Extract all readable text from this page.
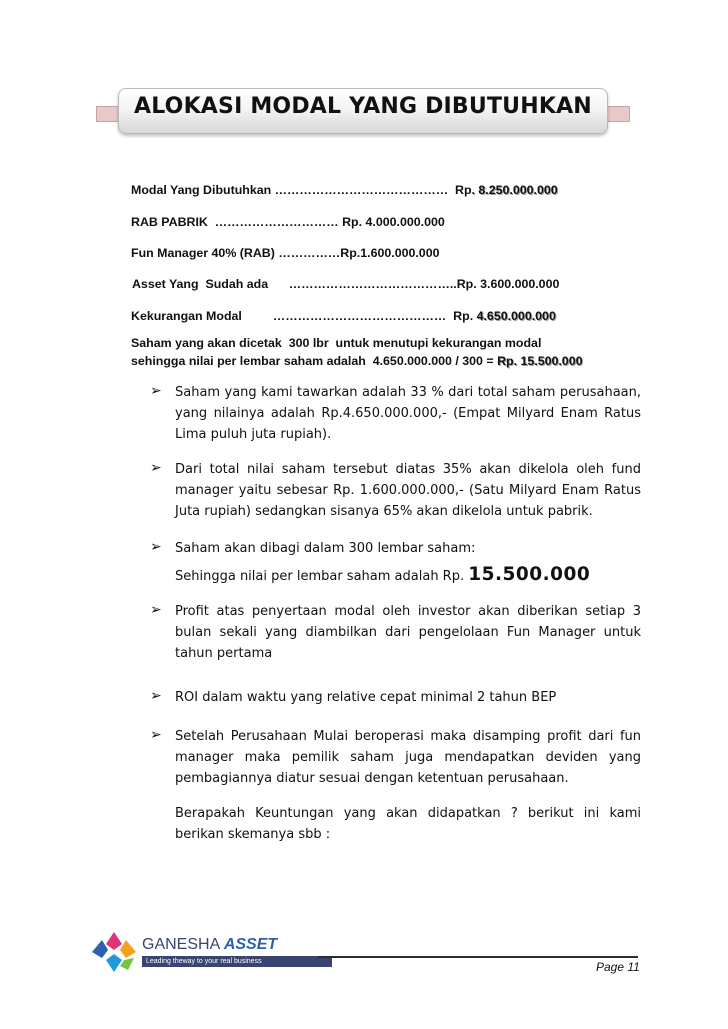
ALOKASI MODAL YANG DIBUTUHKAN
Modal Yang Dibutuhkan ……………………………………  Rp. 8.250.000.000
RAB PABRIK  ………………………… Rp. 4.000.000.000
Fun Manager 40% (RAB) ……………Rp.1.600.000.000
Asset Yang  Sudah ada      …………………………………..Rp. 3.600.000.000
Kekurangan Modal         ……………………………………  Rp. 4.650.000.000
Saham yang akan dicetak  300 lbr  untuk menutupi kekurangan modal
sehingga nilai per lembar saham adalah  4.650.000.000 / 300 = Rp. 15.500.000
➢	Saham yang kami tawarkan adalah 33 % dari total saham perusahaan, yang nilainya adalah Rp.4.650.000.000,- (Empat Milyard Enam Ratus Lima puluh juta rupiah).
➢	Dari total nilai saham tersebut diatas 35% akan dikelola oleh fund manager yaitu sebesar Rp. 1.600.000.000,- (Satu Milyard Enam Ratus Juta rupiah) sedangkan sisanya 65% akan dikelola untuk pabrik.
➢	Saham akan dibagi dalam 300 lembar saham:
Sehingga nilai per lembar saham adalah Rp. 15.500.000
➢	Profit atas penyertaan modal oleh investor akan diberikan setiap 3 bulan sekali yang diambilkan dari pengelolaan Fun Manager untuk tahun pertama
➢	ROI dalam waktu yang relative cepat minimal 2 tahun BEP
➢	Setelah Perusahaan Mulai beroperasi maka disamping profit dari fun manager maka pemilik saham juga mendapatkan deviden yang pembagiannya diatur sesuai dengan ketentuan perusahaan.
Berapakah Keuntungan yang akan didapatkan ? berikut ini kami berikan skemanya sbb :
GANESHA ASSET
Leading theway to your real business	Page 11
